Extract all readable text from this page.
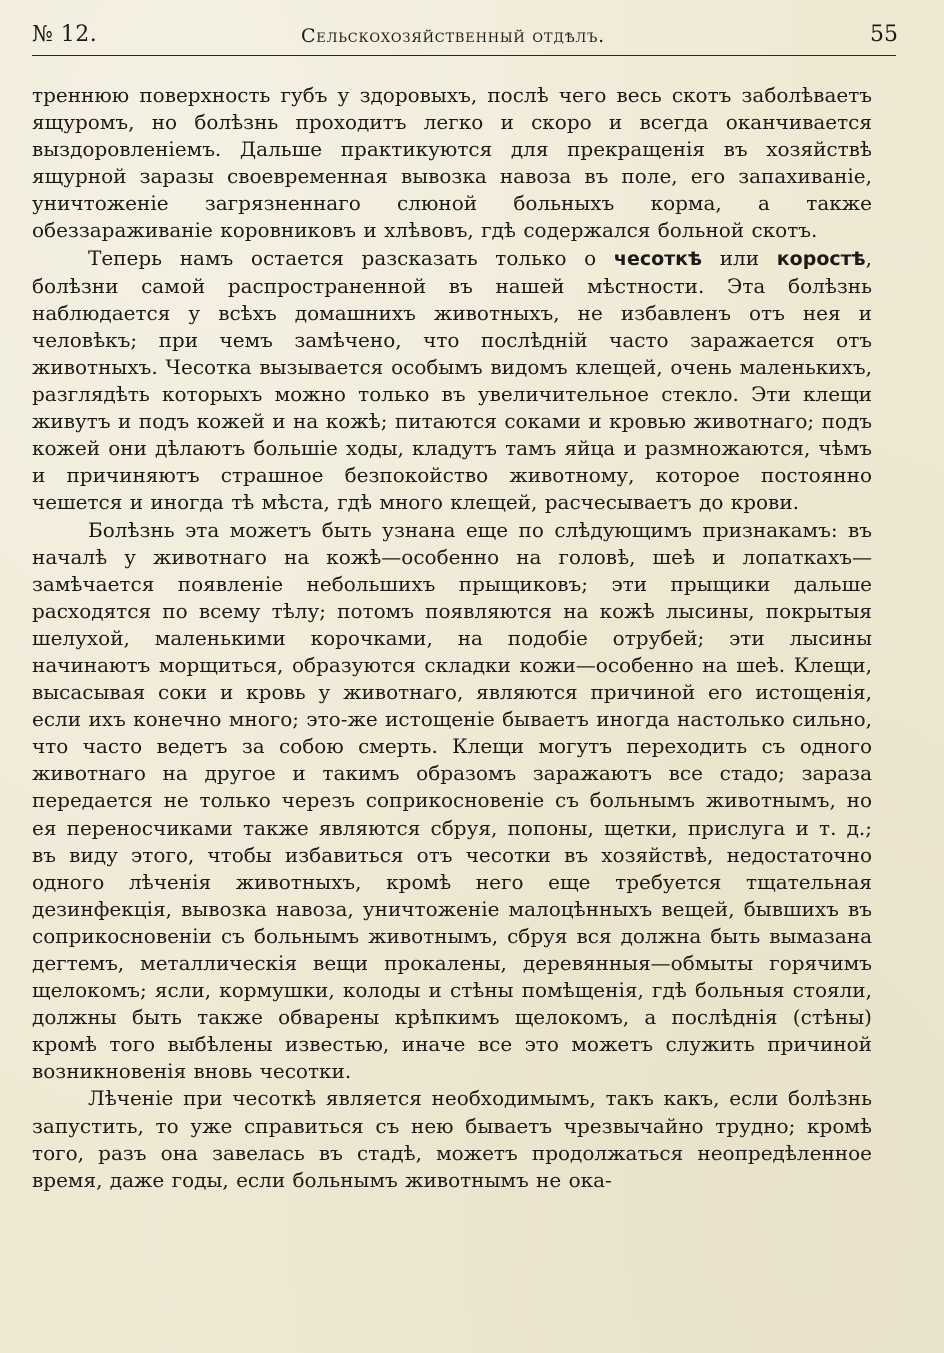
№ 12.	Сельскохозяйственный отдѣлъ.	55

треннюю поверхность губъ у здоровыхъ, послѣ чего весь скотъ заболѣваетъ ящуромъ, но болѣзнь проходитъ легко и скоро и всегда оканчивается выздоровленіемъ. Дальше практикуются для прекращенія въ хозяйствѣ ящурной заразы своевременная вывозка навоза въ поле, его запахиваніе, уничтоженіе загрязненнаго слюной больныхъ корма, а также обеззараживаніе коровниковъ и хлѣвовъ, гдѣ содержался больной скотъ.

Теперь намъ остается разсказать только о чесоткѣ или коростѣ, болѣзни самой распространенной въ нашей мѣстности. Эта болѣзнь наблюдается у всѣхъ домашнихъ животныхъ, не избавленъ отъ нея и человѣкъ; при чемъ замѣчено, что послѣдній часто заражается отъ животныхъ. Чесотка вызывается особымъ видомъ клещей, очень маленькихъ, разглядѣть которыхъ можно только въ увеличительное стекло. Эти клещи живутъ и подъ кожей и на кожѣ; питаются соками и кровью животнаго; подъ кожей они дѣлаютъ большіе ходы, кладутъ тамъ яйца и размножаются, чѣмъ и причиняютъ страшное безпокойство животному, которое постоянно чешется и иногда тѣ мѣста, гдѣ много клещей, расчесываетъ до крови.

Болѣзнь эта можетъ быть узнана еще по слѣдующимъ признакамъ: въ началѣ у животнаго на кожѣ—особенно на головѣ, шеѣ и лопаткахъ—замѣчается появленіе небольшихъ прыщиковъ; эти прыщики дальше расходятся по всему тѣлу; потомъ появляются на кожѣ лысины, покрытыя шелухой, маленькими корочками, на подобіе отрубей; эти лысины начинаютъ морщиться, образуются складки кожи—особенно на шеѣ. Клещи, высасывая соки и кровь у животнаго, являются причиной его истощенія, если ихъ конечно много; это-же истощеніе бываетъ иногда настолько сильно, что часто ведетъ за собою смерть. Клещи могутъ переходить съ одного животнаго на другое и такимъ образомъ заражаютъ все стадо; зараза передается не только черезъ соприкосновеніе съ больнымъ животнымъ, но ея переносчиками также являются сбруя, попоны, щетки, прислуга и т. д.; въ виду этого, чтобы избавиться отъ чесотки въ хозяйствѣ, недостаточно одного лѣченія животныхъ, кромѣ него еще требуется тщательная дезинфекція, вывозка навоза, уничтоженіе малоцѣнныхъ вещей, бывшихъ въ соприкосновеніи съ больнымъ животнымъ, сбруя вся должна быть вымазана дегтемъ, металлическія вещи прокалены, деревянныя—обмыты горячимъ щелокомъ; ясли, кормушки, колоды и стѣны помѣщенія, гдѣ больныя стояли, должны быть также обварены крѣпкимъ щелокомъ, а послѣднія (стѣны) кромѣ того выбѣлены известью, иначе все это можетъ служить причиной возникновенія вновь чесотки.

Лѣченіе при чесоткѣ является необходимымъ, такъ какъ, если болѣзнь запустить, то уже справиться съ нею бываетъ чрезвычайно трудно; кромѣ того, разъ она завелась въ стадѣ, можетъ продолжаться неопредѣленное время, даже годы, если больнымъ животнымъ не ока-
